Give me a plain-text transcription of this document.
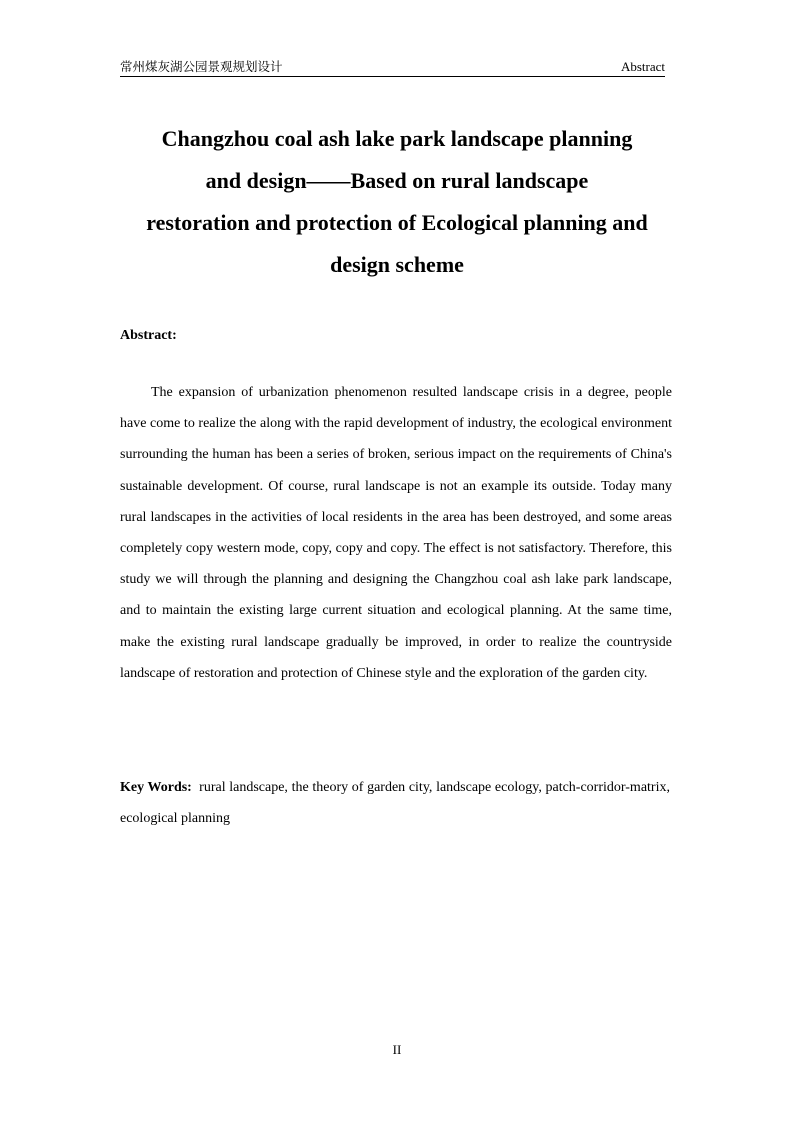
常州煤灰湖公园景观规划设计	Abstract
Changzhou coal ash lake park landscape planning
and design——Based on rural landscape
restoration and protection of Ecological planning and
design scheme
Abstract:
The expansion of urbanization phenomenon resulted landscape crisis in a degree, people have come to realize the along with the rapid development of industry, the ecological environment surrounding the human has been a series of broken, serious impact on the requirements of China's sustainable development. Of course, rural landscape is not an example its outside. Today many rural landscapes in the activities of local residents in the area has been destroyed, and some areas completely copy western mode, copy, copy and copy. The effect is not satisfactory. Therefore, this study we will through the planning and designing the Changzhou coal ash lake park landscape, and to maintain the existing large current situation and ecological planning. At the same time, make the existing rural landscape gradually be improved, in order to realize the countryside landscape of restoration and protection of Chinese style and the exploration of the garden city.
Key Words: rural landscape, the theory of garden city, landscape ecology, patch-corridor-matrix, ecological planning
II
